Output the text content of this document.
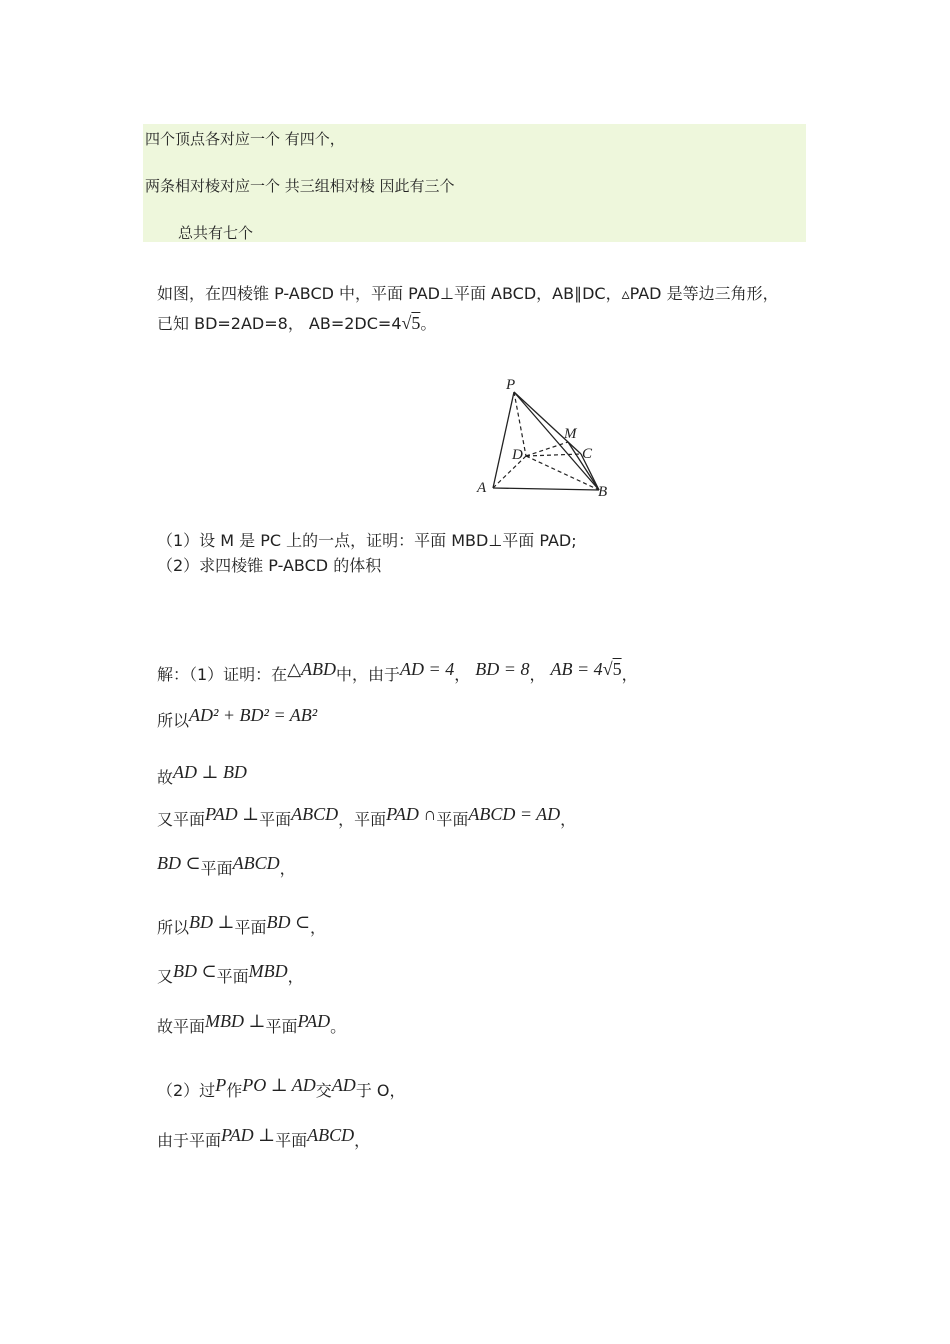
四个顶点各对应一个 有四个，
两条相对棱对应一个 共三组相对棱 因此有三个
总共有七个
如图，在四棱锥 P-ABCD 中，平面 PAD⊥平面 ABCD，AB∥DC，▵PAD 是等边三角形，
已知 BD=2AD=8， AB=2DC=4√5。
P
M
D	C
A	B
（1）设 M 是 PC 上的一点，证明：平面 MBD⊥平面 PAD;
（2）求四棱锥 P-ABCD 的体积
解：（1）证明：在△ABD中，由于AD = 4， BD = 8， AB = 4√5，
所以AD² + BD² = AB²
故AD ⊥ BD
又平面PAD ⊥平面ABCD，平面PAD ∩平面ABCD = AD，
BD ⊂平面ABCD，
所以BD ⊥平面BD ⊂，
又BD ⊂平面MBD，
故平面MBD ⊥平面PAD。
（2）过P作PO ⊥ AD交AD于 O，
由于平面PAD ⊥平面ABCD，
